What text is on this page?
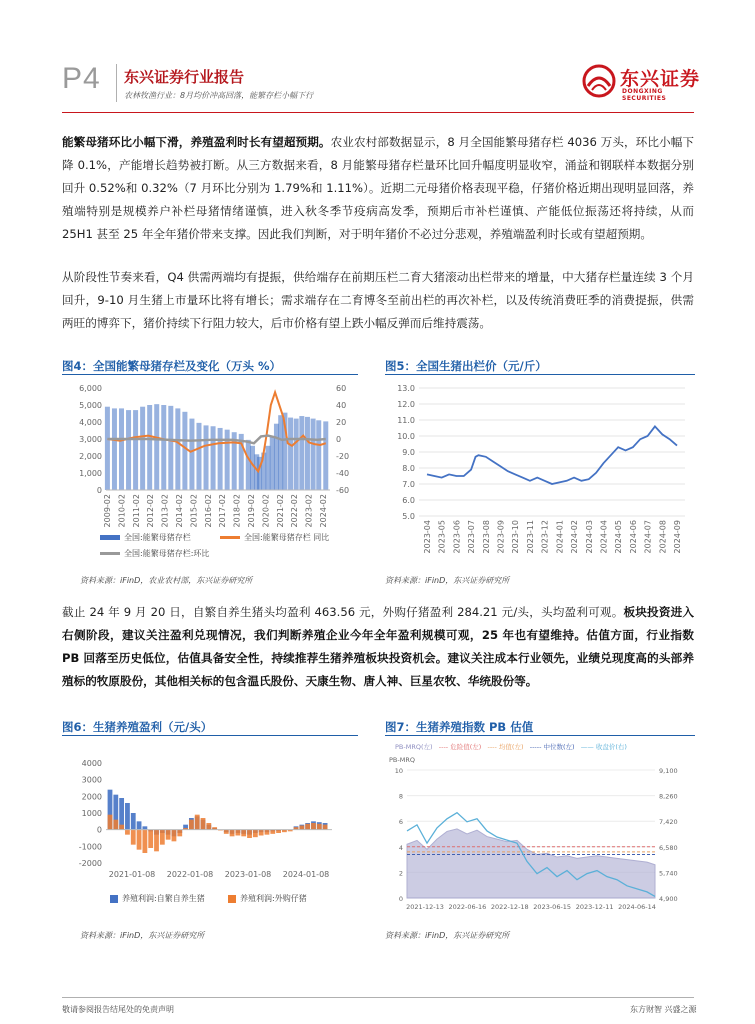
P4 东兴证券行业报告
农林牧渔行业：8月均价冲高回落，能繁存栏小幅下行
东兴证券
DONGXING SECURITIES
能繁母猪环比小幅下滑，养殖盈利时长有望超预期。农业农村部数据显示，8 月全国能繁母猪存栏 4036 万头，环比小幅下降 0.1%，产能增长趋势被打断。从三方数据来看，8 月能繁母猪存栏量环比回升幅度明显收窄，涌益和钢联样本数据分别回升 0.52%和 0.32%（7 月环比分别为 1.79%和 1.11%）。近期二元母猪价格表现平稳，仔猪价格近期出现明显回落，养殖端特别是规模养户补栏母猪情绪谨慎，进入秋冬季节疫病高发季，预期后市补栏谨慎、产能低位振荡还将持续，从而 25H1 甚至 25 年全年猪价带来支撑。因此我们判断，对于明年猪价不必过分悲观，养殖端盈利时长或有望超预期。
从阶段性节奏来看，Q4 供需两端均有提振，供给端存在前期压栏二育大猪滚动出栏带来的增量，中大猪存栏量连续 3 个月回升，9-10 月生猪上市量环比将有增长；需求端存在二育博冬至前出栏的再次补栏，以及传统消费旺季的消费提振，供需两旺的博弈下，猪价持续下行阻力较大，后市价格有望上跌小幅反弹而后维持震荡。
图4：全国能繁母猪存栏及变化（万头 %）
6,000
5,000
4,000
3,000
2,000
1,000
0
60
40
20
0
-20
-40
-60
2009-02 2010-02 2011-02 2012-02 2013-02 2014-02 2015-02 2016-02 2017-02 2018-02 2019-02 2020-02 2021-02 2022-02 2023-02 2024-02
全国:能繁母猪存栏	全国:能繁母猪存栏 同比
全国:能繁母猪存栏:环比
资料来源：iFinD，农业农村部，东兴证券研究所
图5：全国生猪出栏价（元/斤）
13.0
12.0
11.0
10.0
9.0
8.0
7.0
6.0
5.0
2023-04 2023-05 2023-06 2023-07 2023-08 2023-09 2023-10 2023-11 2023-12 2024-01 2024-02 2024-03 2024-04 2024-05 2024-06 2024-07 2024-08 2024-09
资料来源：iFinD，东兴证券研究所
截止 24 年 9 月 20 日，自繁自养生猪头均盈利 463.56 元，外购仔猪盈利 284.21 元/头，头均盈利可观。板块投资进入右侧阶段，建议关注盈利兑现情况，我们判断养殖企业今年全年盈利规模可观，25 年也有望维持。估值方面，行业指数 PB 回落至历史低位，估值具备安全性，持续推荐生猪养殖板块投资机会。建议关注成本行业领先，业绩兑现度高的头部养殖标的牧原股份，其他相关标的包含温氏股份、天康生物、唐人神、巨星农牧、华统股份等。
图6：生猪养殖盈利（元/头）
4000
3000
2000
1000
0
-1000
-2000
2021-01-08 2022-01-08 2023-01-08 2024-01-08
养殖利润:自繁自养生猪	养殖利润:外购仔猪
资料来源：iFinD，东兴证券研究所
图7：生猪养殖指数 PB 估值
PB-MRQ(左) ---- 危险值(左) ---- 均值(左) ----- 中位数(左) —— 收盘价(右)
PB-MRQ
10
8
6
4
2
0
9,100
8,260
7,420
6,580
5,740
4,900
2021-12-13 2022-06-16 2022-12-18 2023-06-15 2023-12-11 2024-06-14
资料来源：iFinD，东兴证券研究所
敬请参阅报告结尾处的免责声明	东方财智 兴盛之源
